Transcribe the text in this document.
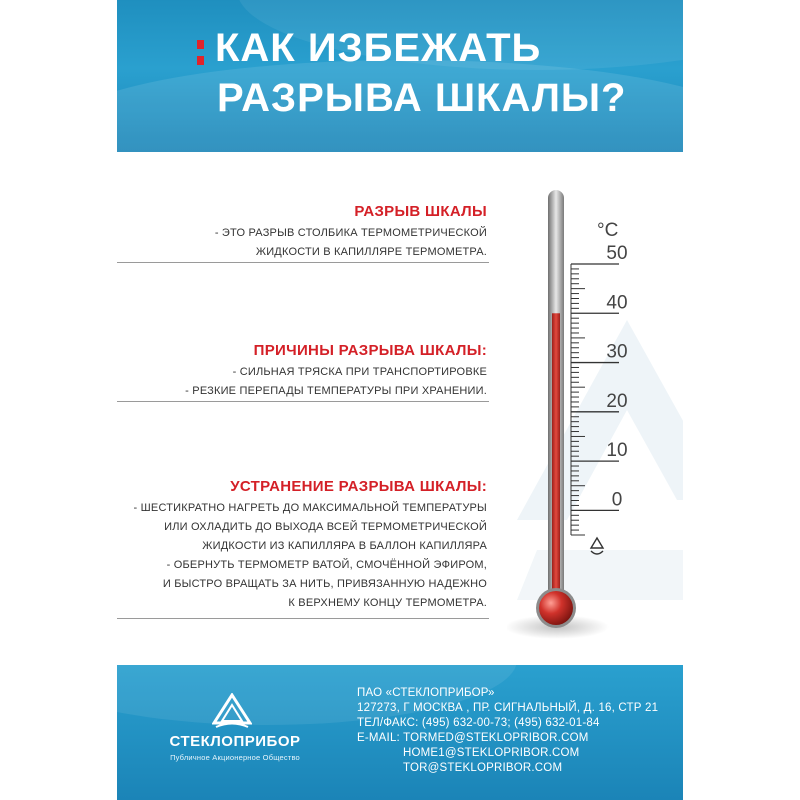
КАК ИЗБЕЖАТЬ
РАЗРЫВА ШКАЛЫ?
РАЗРЫВ ШКАЛЫ
- ЭТО РАЗРЫВ СТОЛБИКА ТЕРМОМЕТРИЧЕСКОЙ
ЖИДКОСТИ В КАПИЛЛЯРЕ ТЕРМОМЕТРА.
ПРИЧИНЫ РАЗРЫВА ШКАЛЫ:
- СИЛЬНАЯ ТРЯСКА ПРИ ТРАНСПОРТИРОВКЕ
- РЕЗКИЕ ПЕРЕПАДЫ ТЕМПЕРАТУРЫ ПРИ ХРАНЕНИИ.
УСТРАНЕНИЕ РАЗРЫВА ШКАЛЫ:
- ШЕСТИКРАТНО НАГРЕТЬ ДО МАКСИМАЛЬНОЙ ТЕМПЕРАТУРЫ
ИЛИ ОХЛАДИТЬ ДО ВЫХОДА ВСЕЙ ТЕРМОМЕТРИЧЕСКОЙ
ЖИДКОСТИ ИЗ КАПИЛЛЯРА В БАЛЛОН КАПИЛЛЯРА
- ОБЕРНУТЬ ТЕРМОМЕТР ВАТОЙ, СМОЧЁННОЙ ЭФИРОМ,
И БЫСТРО ВРАЩАТЬ ЗА НИТЬ, ПРИВЯЗАННУЮ НАДЕЖНО
К ВЕРХНЕМУ КОНЦУ ТЕРМОМЕТРА.
°С
50
40
30
20
10
0
СТЕКЛОПРИБОР
Публичное Акционерное Общество
ПАО «СТЕКЛОПРИБОР»
127273, Г МОСКВА , ПР. СИГНАЛЬНЫЙ, Д. 16, СТР 21
ТЕЛ/ФАКС: (495) 632-00-73; (495) 632-01-84
E-MAIL: TORMED@STEKLOPRIBOR.COM
HOME1@STEKLOPRIBOR.COM
TOR@STEKLOPRIBOR.COM
